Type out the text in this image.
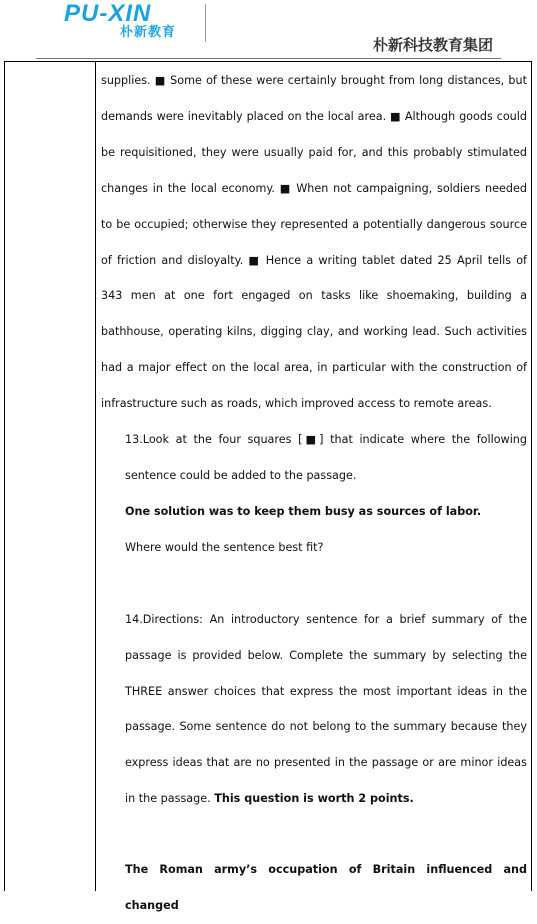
PU-XIN
朴新教育
朴新科技教育集团

supplies. ■ Some of these were certainly brought from long distances, but demands were inevitably placed on the local area. ■ Although goods could be requisitioned, they were usually paid for, and this probably stimulated changes in the local economy. ■ When not campaigning, soldiers needed to be occupied; otherwise they represented a potentially dangerous source of friction and disloyalty. ■ Hence a writing tablet dated 25 April tells of 343 men at one fort engaged on tasks like shoemaking, building a bathhouse, operating kilns, digging clay, and working lead. Such activities had a major effect on the local area, in particular with the construction of infrastructure such as roads, which improved access to remote areas.

13.Look at the four squares [■] that indicate where the following sentence could be added to the passage.

One solution was to keep them busy as sources of labor.

Where would the sentence best fit?

14.Directions: An introductory sentence for a brief summary of the passage is provided below. Complete the summary by selecting the THREE answer choices that express the most important ideas in the passage. Some sentence do not belong to the summary because they express ideas that are no presented in the passage or are minor ideas in the passage. This question is worth 2 points.

The Roman army’s occupation of Britain influenced and changed
